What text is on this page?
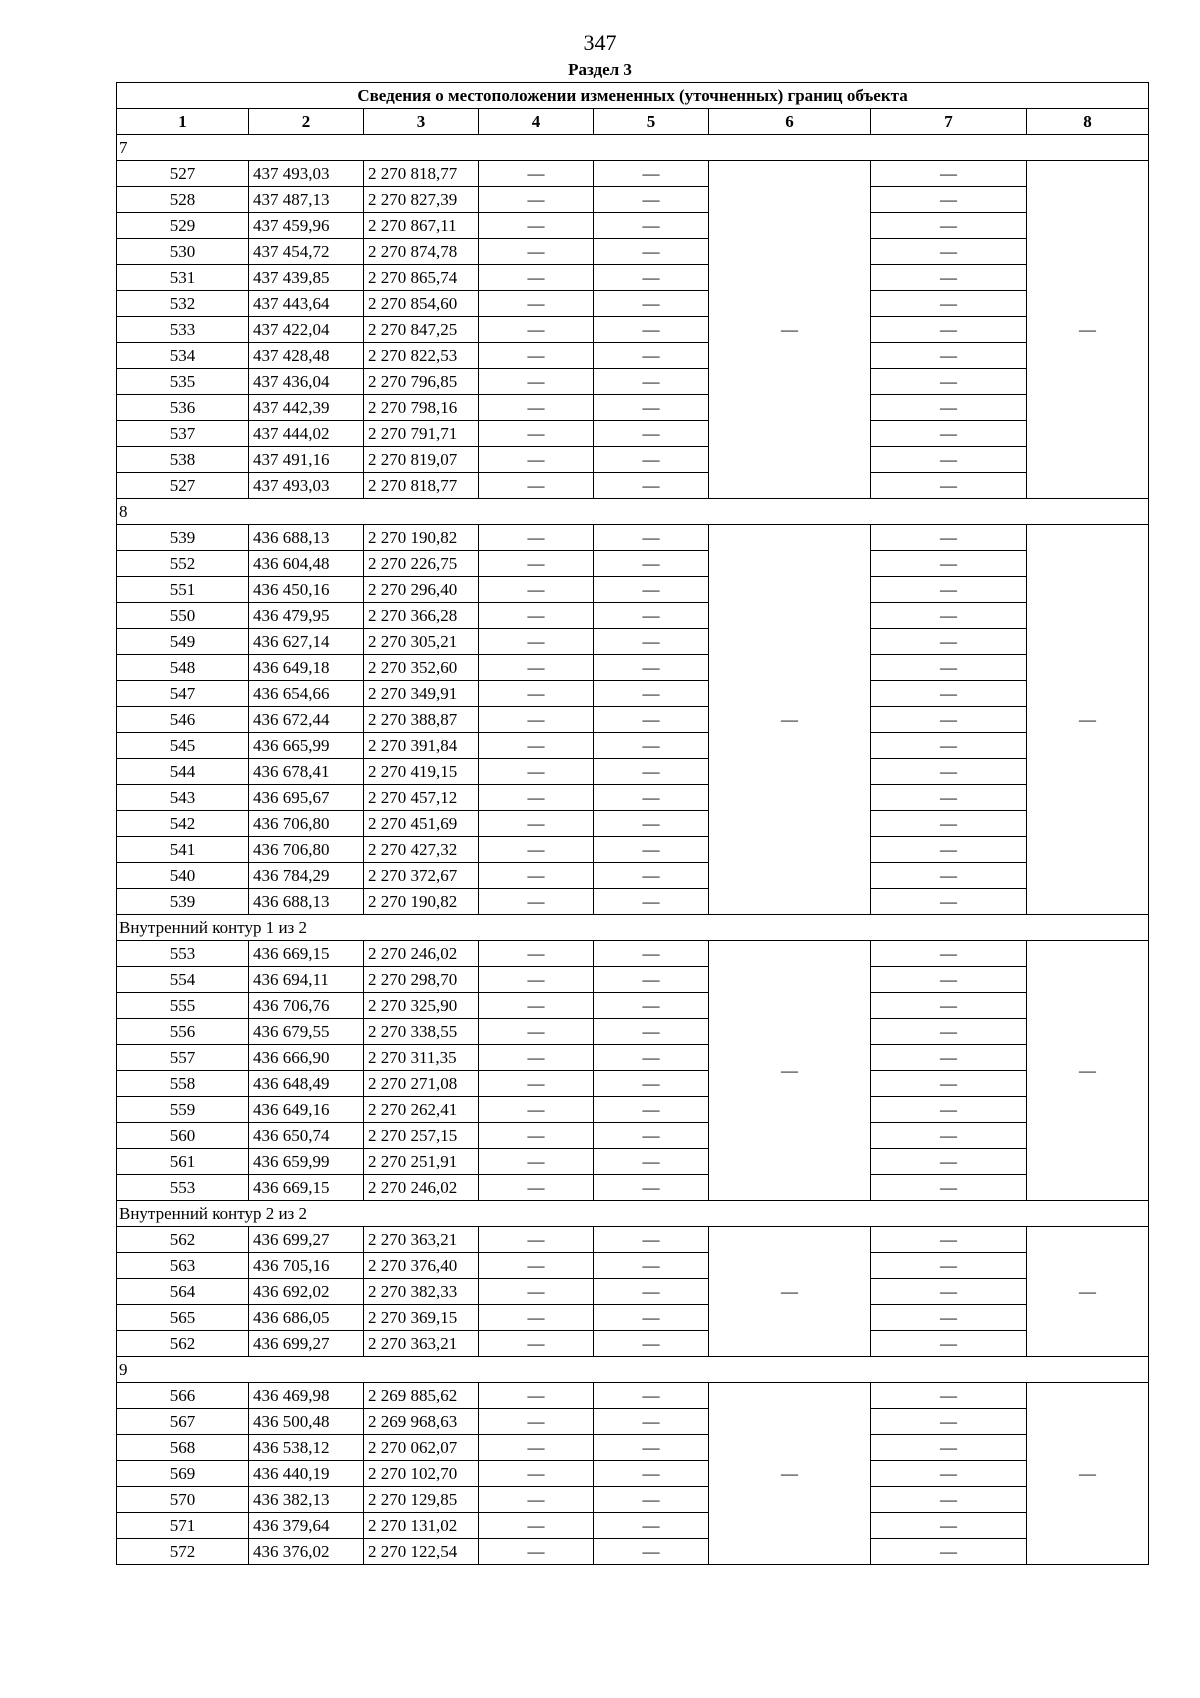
347
Раздел 3
Сведения о местоположении измененных (уточненных) границ объекта							
1	2	3	4	5	6	7	8
7							
527	437 493,03	2 270 818,77	—	—	—	—	—
528	437 487,13	2 270 827,39	—	—		—	
529	437 459,96	2 270 867,11	—	—		—	
530	437 454,72	2 270 874,78	—	—		—	
531	437 439,85	2 270 865,74	—	—		—	
532	437 443,64	2 270 854,60	—	—		—	
533	437 422,04	2 270 847,25	—	—		—	
534	437 428,48	2 270 822,53	—	—		—	
535	437 436,04	2 270 796,85	—	—		—	
536	437 442,39	2 270 798,16	—	—		—	
537	437 444,02	2 270 791,71	—	—		—	
538	437 491,16	2 270 819,07	—	—		—	
527	437 493,03	2 270 818,77	—	—		—	
8							
539	436 688,13	2 270 190,82	—	—	—	—	—
552	436 604,48	2 270 226,75	—	—		—	
551	436 450,16	2 270 296,40	—	—		—	
550	436 479,95	2 270 366,28	—	—		—	
549	436 627,14	2 270 305,21	—	—		—	
548	436 649,18	2 270 352,60	—	—		—	
547	436 654,66	2 270 349,91	—	—		—	
546	436 672,44	2 270 388,87	—	—		—	
545	436 665,99	2 270 391,84	—	—		—	
544	436 678,41	2 270 419,15	—	—		—	
543	436 695,67	2 270 457,12	—	—		—	
542	436 706,80	2 270 451,69	—	—		—	
541	436 706,80	2 270 427,32	—	—		—	
540	436 784,29	2 270 372,67	—	—		—	
539	436 688,13	2 270 190,82	—	—		—	
Внутренний контур 1 из 2							
553	436 669,15	2 270 246,02	—	—	—	—	—
554	436 694,11	2 270 298,70	—	—		—	
555	436 706,76	2 270 325,90	—	—		—	
556	436 679,55	2 270 338,55	—	—		—	
557	436 666,90	2 270 311,35	—	—		—	
558	436 648,49	2 270 271,08	—	—		—	
559	436 649,16	2 270 262,41	—	—		—	
560	436 650,74	2 270 257,15	—	—		—	
561	436 659,99	2 270 251,91	—	—		—	
553	436 669,15	2 270 246,02	—	—		—	
Внутренний контур 2 из 2							
562	436 699,27	2 270 363,21	—	—	—	—	—
563	436 705,16	2 270 376,40	—	—		—	
564	436 692,02	2 270 382,33	—	—		—	
565	436 686,05	2 270 369,15	—	—		—	
562	436 699,27	2 270 363,21	—	—		—	
9							
566	436 469,98	2 269 885,62	—	—	—	—	—
567	436 500,48	2 269 968,63	—	—		—	
568	436 538,12	2 270 062,07	—	—		—	
569	436 440,19	2 270 102,70	—	—		—	
570	436 382,13	2 270 129,85	—	—		—	
571	436 379,64	2 270 131,02	—	—		—	
572	436 376,02	2 270 122,54	—	—		—	
